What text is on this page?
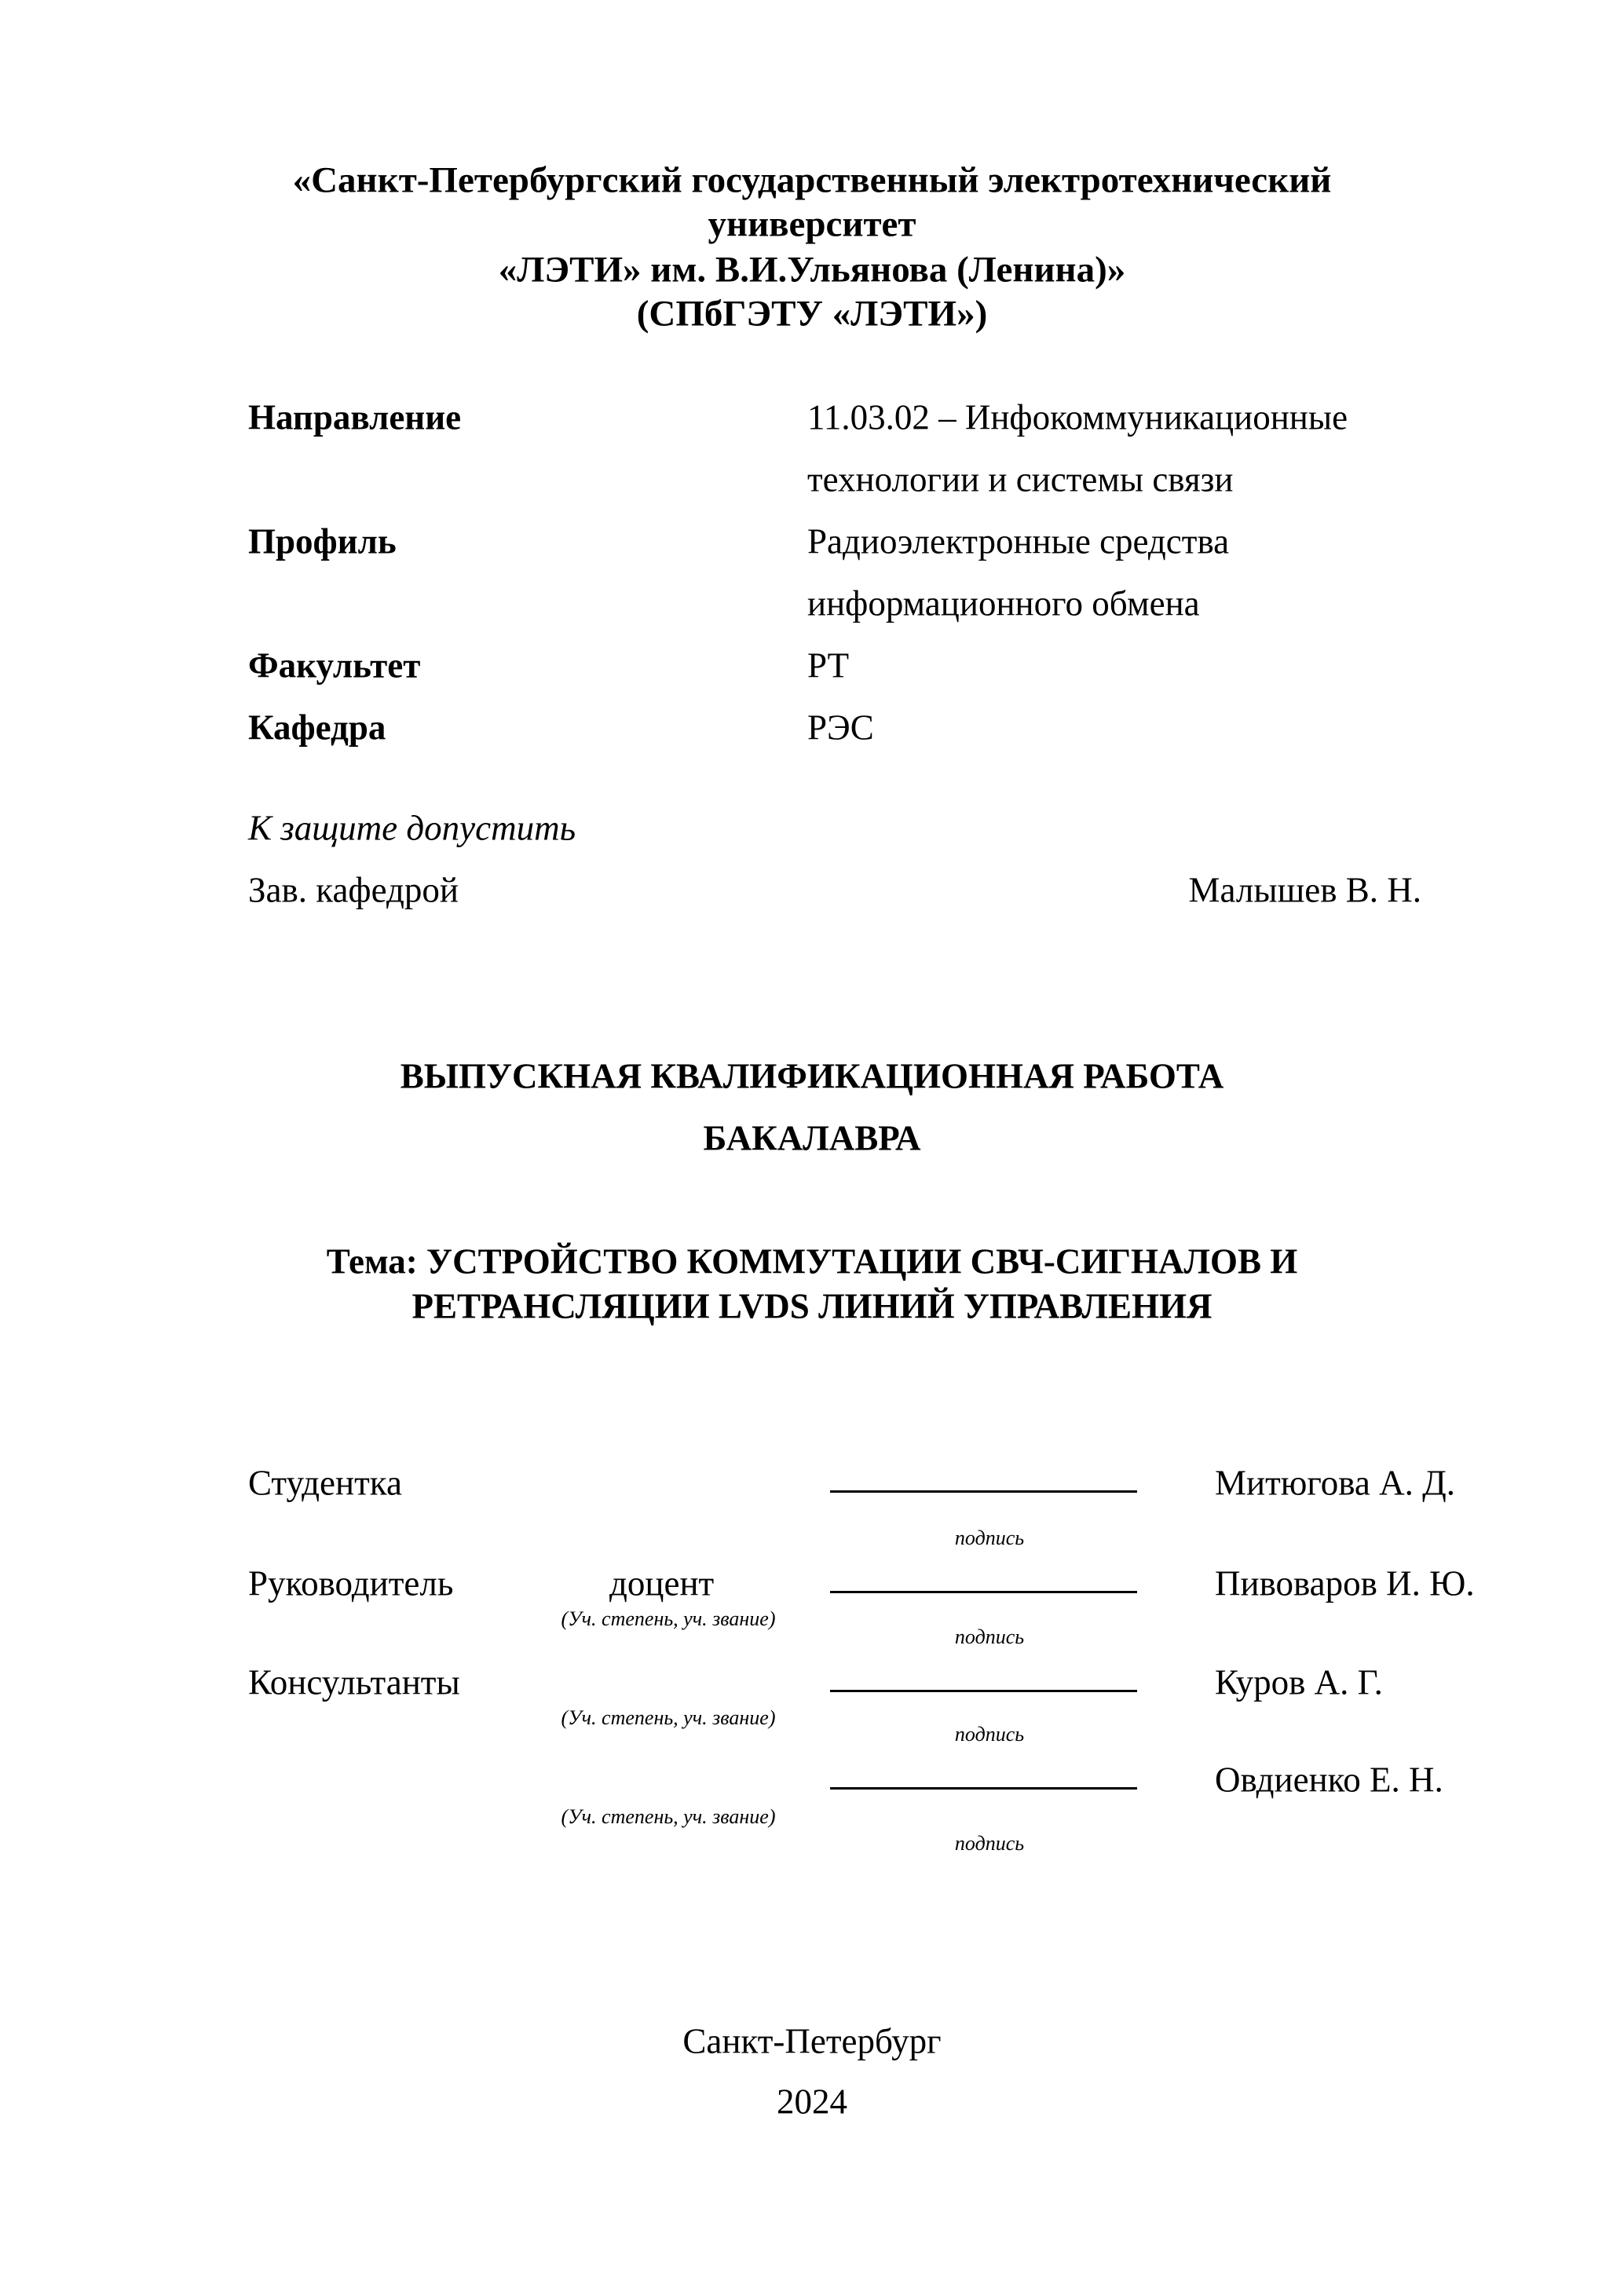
«Санкт-Петербургский государственный электротехнический
университет
«ЛЭТИ» им. В.И.Ульянова (Ленина)»
(СПбГЭТУ «ЛЭТИ»)
Направление	11.03.02 – Инфокоммуникационные
технологии и системы связи
Профиль	Радиоэлектронные средства
информационного обмена
Факультет	РТ
Кафедра	РЭС
К защите допустить
Зав. кафедрой	Малышев В. Н.
ВЫПУСКНАЯ КВАЛИФИКАЦИОННАЯ РАБОТА
БАКАЛАВРА
Тема: УСТРОЙСТВО КОММУТАЦИИ СВЧ-СИГНАЛОВ И
РЕТРАНСЛЯЦИИ LVDS ЛИНИЙ УПРАВЛЕНИЯ
Студентка	Митюгова А. Д.
подпись
Руководитель	доцент	Пивоваров И. Ю.
(Уч. степень, уч. звание)
подпись
Консультанты	Куров А. Г.
(Уч. степень, уч. звание)
подпись
Овдиенко Е. Н.
(Уч. степень, уч. звание)
подпись
Санкт-Петербург
2024
